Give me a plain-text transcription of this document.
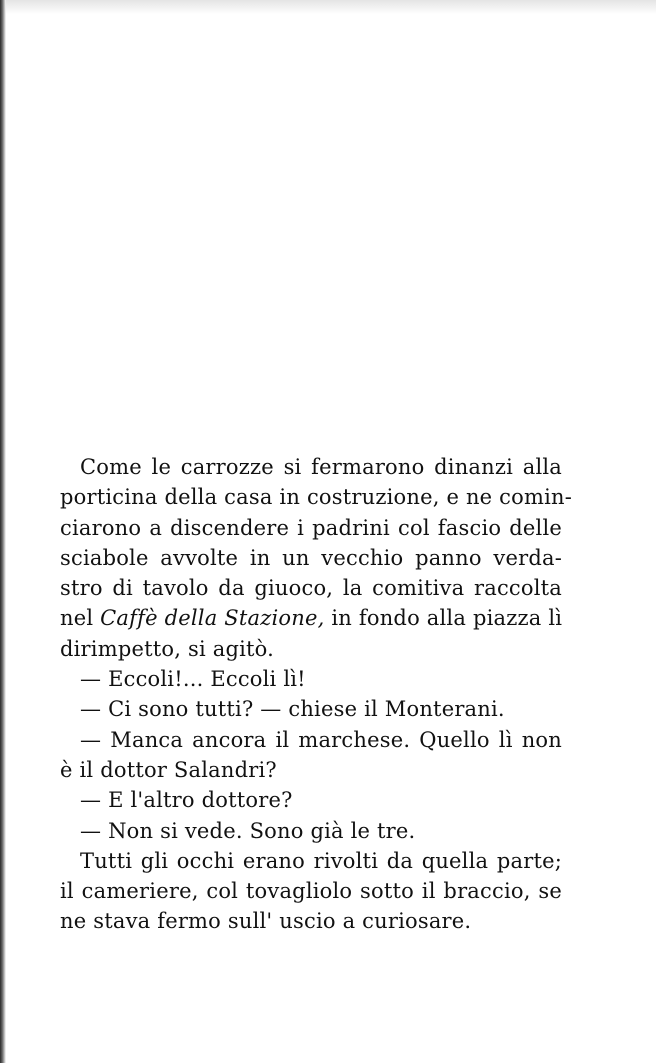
Come le carrozze si fermarono dinanzi alla
porticina della casa in costruzione, e ne comin-
ciarono a discendere i padrini col fascio delle
sciabole avvolte in un vecchio panno verda-
stro di tavolo da giuoco, la comitiva raccolta
nel Caffè della Stazione, in fondo alla piazza lì
dirimpetto, si agitò.
— Eccoli!... Eccoli lì!
— Ci sono tutti? — chiese il Monterani.
— Manca ancora il marchese. Quello lì non
è il dottor Salandri?
— E l'altro dottore?
— Non si vede. Sono già le tre.
Tutti gli occhi erano rivolti da quella parte;
il cameriere, col tovagliolo sotto il braccio, se
ne stava fermo sull' uscio a curiosare.
